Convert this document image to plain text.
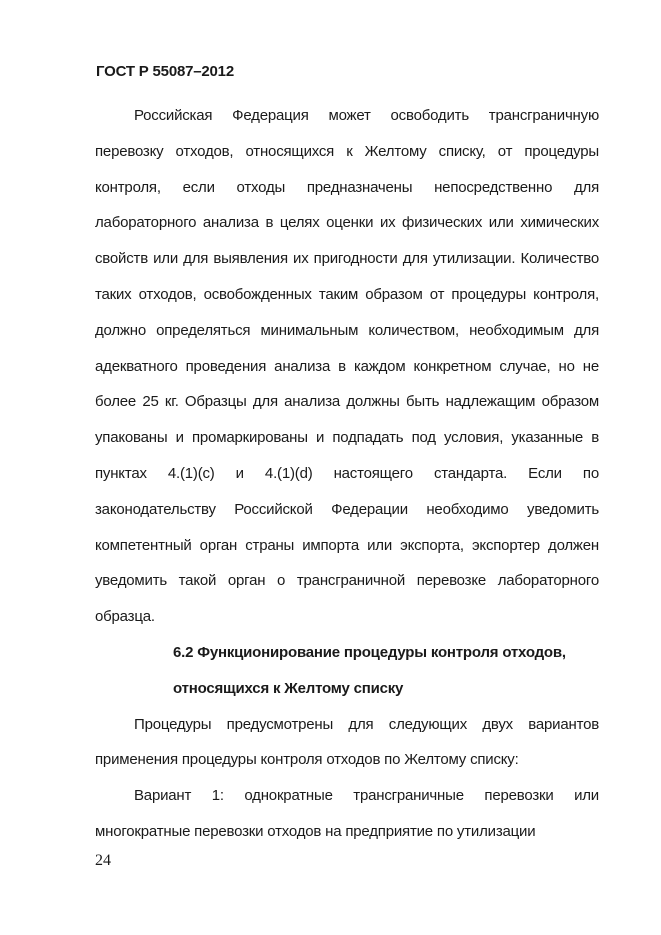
ГОСТ Р 55087–2012

Российская Федерация может освободить трансграничную перевозку отходов, относящихся к Желтому списку, от процедуры контроля, если отходы предназначены непосредственно для лабораторного анализа в целях оценки их физических или химических свойств или для выявления их пригодности для утилизации. Количество таких отходов, освобожденных таким образом от процедуры контроля, должно определяться минимальным количеством, необходимым для адекватного проведения анализа в каждом конкретном случае, но не более 25 кг. Образцы для анализа должны быть надлежащим образом упакованы и промаркированы и подпадать под условия, указанные в пунктах 4.(1)(c) и 4.(1)(d) настоящего стандарта. Если по законодательству Российской Федерации необходимо уведомить компетентный орган страны импорта или экспорта, экспортер должен уведомить такой орган о трансграничной перевозке лабораторного образца.

6.2 Функционирование процедуры контроля отходов,

относящихся к Желтому списку

Процедуры предусмотрены для следующих двух вариантов применения процедуры контроля отходов по Желтому списку:

Вариант 1: однократные трансграничные перевозки или многократные перевозки отходов на предприятие по утилизации

24
